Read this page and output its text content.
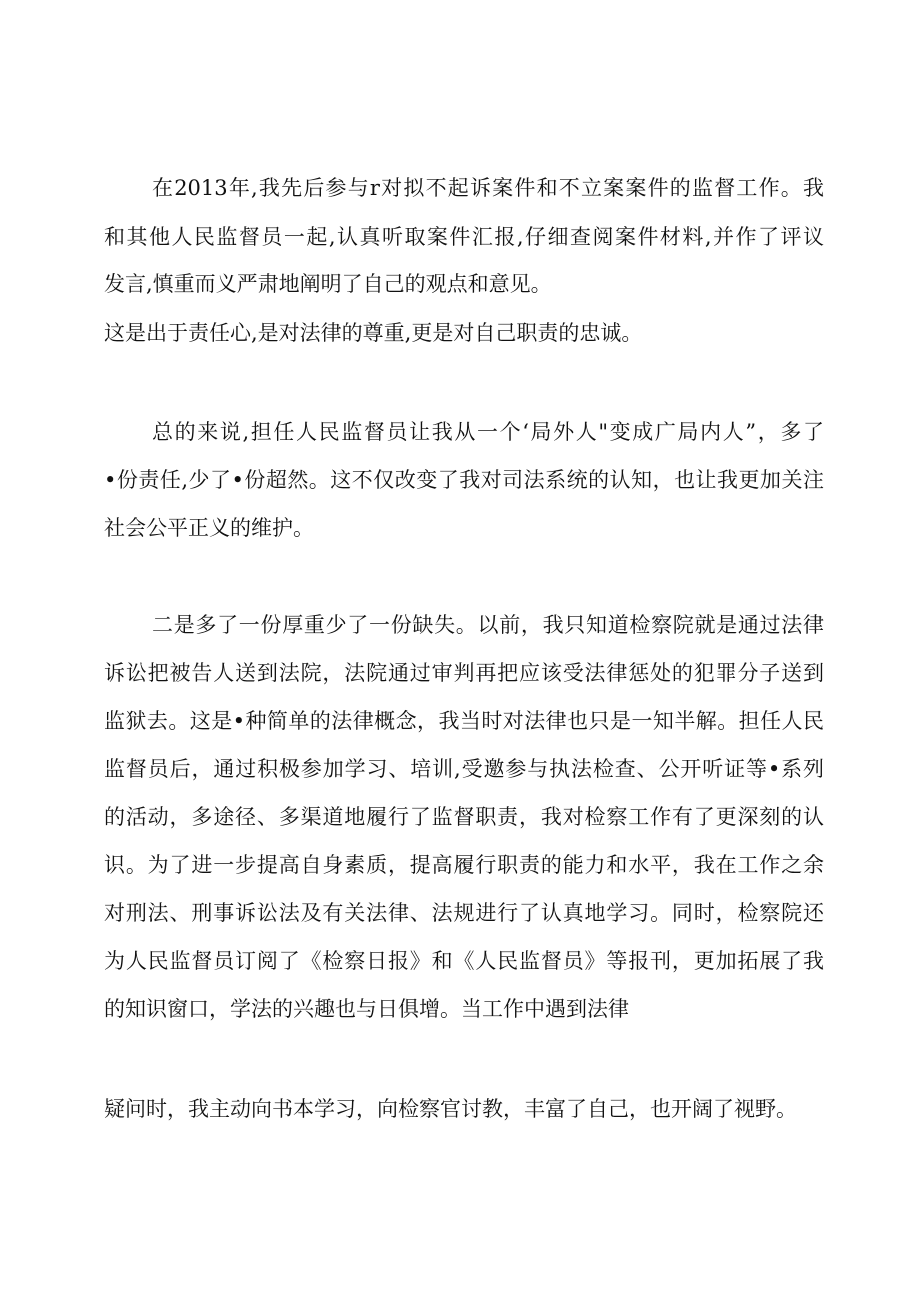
在2013年,我先后参与r对拟不起诉案件和不立案案件的监督工作。我
和其他人民监督员一起,认真听取案件汇报,仔细查阅案件材料,并作了评议
发言,慎重而义严肃地阐明了自己的观点和意见。
这是出于责任心,是对法律的尊重,更是对自己职责的忠诚。
总的来说,担任人民监督员让我从一个‘局外人"变成广局内人”，多了
•份责任,少了•份超然。这不仅改变了我对司法系统的认知，也让我更加关注
社会公平正义的维护。
二是多了一份厚重少了一份缺失。以前，我只知道检察院就是通过法律
诉讼把被告人送到法院，法院通过审判再把应该受法律惩处的犯罪分子送到
监狱去。这是•种简单的法律概念，我当时对法律也只是一知半解。担任人民
监督员后，通过积极参加学习、培训,受邀参与执法检查、公开听证等•系列
的活动，多途径、多渠道地履行了监督职责，我对检察工作有了更深刻的认
识。为了进一步提高自身素质，提高履行职责的能力和水平，我在工作之余
对刑法、刑事诉讼法及有关法律、法规进行了认真地学习。同时，检察院还
为人民监督员订阅了《检察日报》和《人民监督员》等报刊，更加拓展了我
的知识窗口，学法的兴趣也与日俱增。当工作中遇到法律
疑问时，我主动向书本学习，向检察官讨教，丰富了自己，也开阔了视野。
